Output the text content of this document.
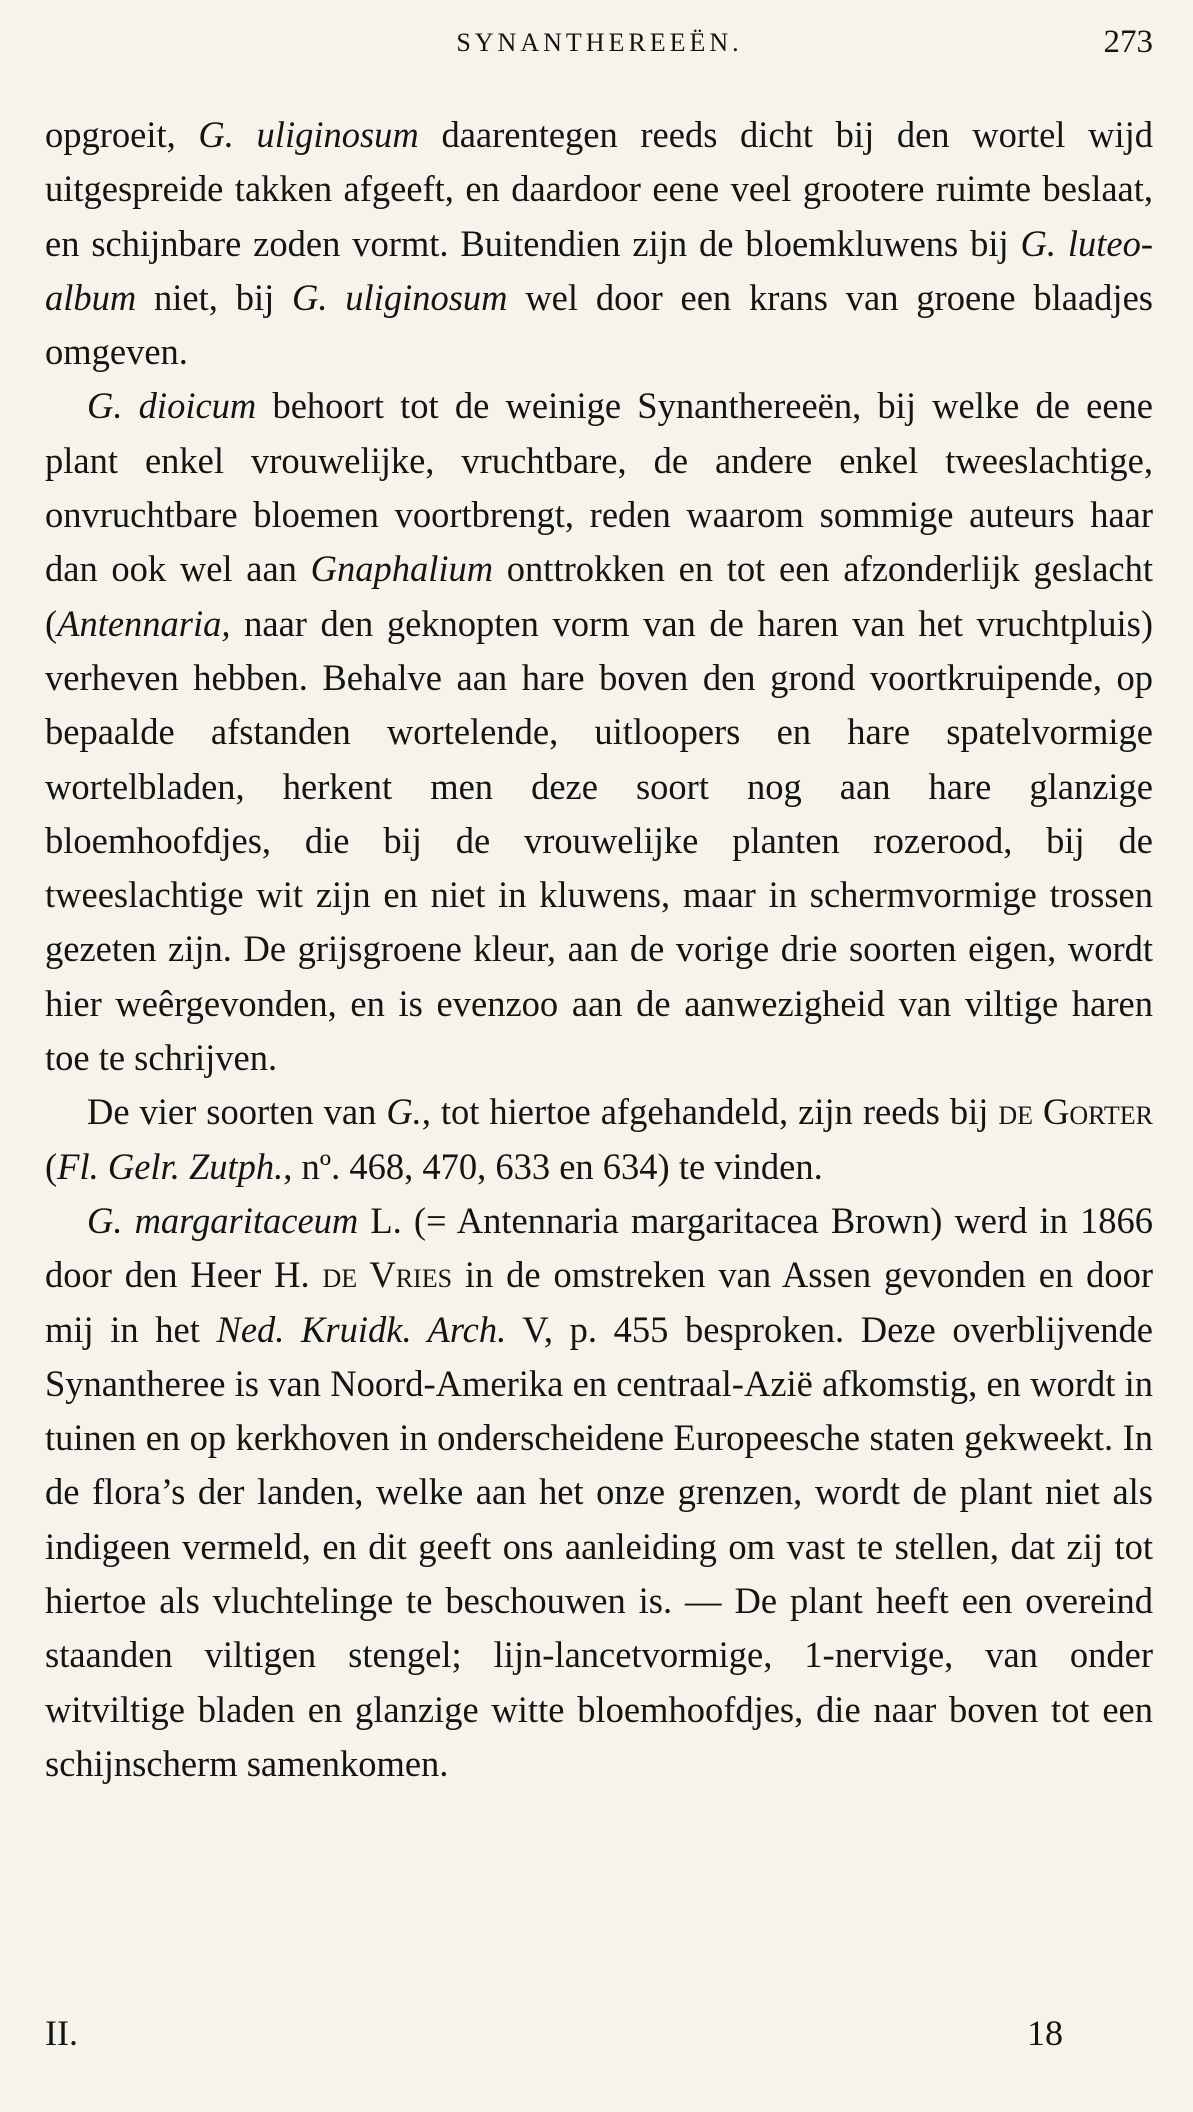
SYNANTHEREEËN.	273

opgroeit, G. uliginosum daarentegen reeds dicht bij den wortel wijd uitgespreide takken afgeeft, en daardoor eene veel grootere ruimte beslaat, en schijnbare zoden vormt. Buitendien zijn de bloemkluwens bij G. luteo-album niet, bij G. uliginosum wel door een krans van groene blaadjes omgeven.

G. dioicum behoort tot de weinige Synanthereeën, bij welke de eene plant enkel vrouwelijke, vruchtbare, de andere enkel tweeslachtige, onvruchtbare bloemen voortbrengt, reden waarom sommige auteurs haar dan ook wel aan Gnaphalium onttrokken en tot een afzonderlijk geslacht (Antennaria, naar den geknopten vorm van de haren van het vruchtpluis) verheven hebben. Behalve aan hare boven den grond voortkruipende, op bepaalde afstanden wortelende, uitloopers en hare spatelvormige wortelbladen, herkent men deze soort nog aan hare glanzige bloemhoofdjes, die bij de vrouwelijke planten rozerood, bij de tweeslachtige wit zijn en niet in kluwens, maar in schermvormige trossen gezeten zijn. De grijsgroene kleur, aan de vorige drie soorten eigen, wordt hier weêrgevonden, en is evenzoo aan de aanwezigheid van viltige haren toe te schrijven.

De vier soorten van G., tot hiertoe afgehandeld, zijn reeds bij de Gorter (Fl. Gelr. Zutph., nº. 468, 470, 633 en 634) te vinden.

G. margaritaceum L. (= Antennaria margaritacea Brown) werd in 1866 door den Heer H. de Vries in de omstreken van Assen gevonden en door mij in het Ned. Kruidk. Arch. V, p. 455 besproken. Deze overblijvende Synantheree is van Noord-Amerika en centraal-Azië afkomstig, en wordt in tuinen en op kerkhoven in onderscheidene Europeesche staten gekweekt. In de flora’s der landen, welke aan het onze grenzen, wordt de plant niet als indigeen vermeld, en dit geeft ons aanleiding om vast te stellen, dat zij tot hiertoe als vluchtelinge te beschouwen is. — De plant heeft een overeind staanden viltigen stengel; lijn-lancetvormige, 1-nervige, van onder witviltige bladen en glanzige witte bloemhoofdjes, die naar boven tot een schijnscherm samenkomen.

II.	18
